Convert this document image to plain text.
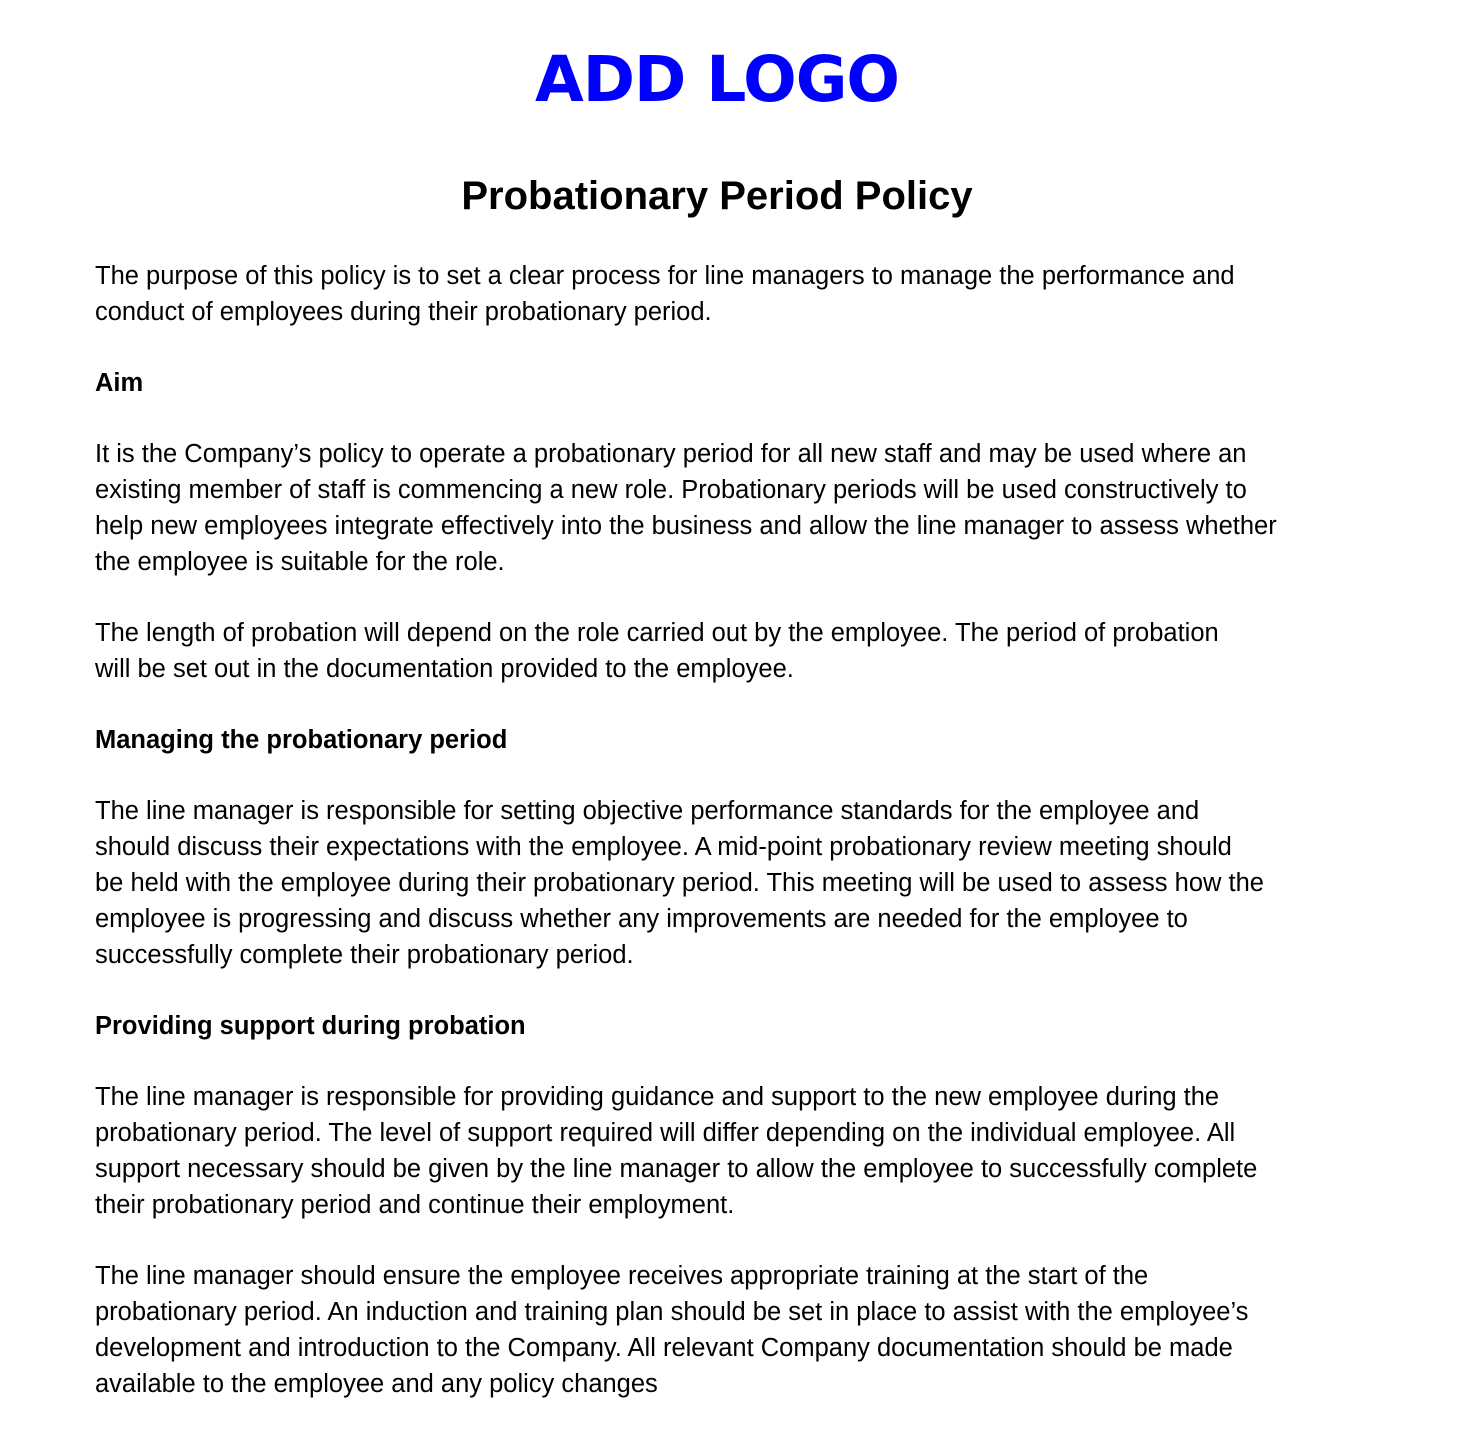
ADD LOGO
Probationary Period Policy

The purpose of this policy is to set a clear process for line managers to manage the performance and
conduct of employees during their probationary period.

Aim

It is the Company’s policy to operate a probationary period for all new staff and may be used where an
existing member of staff is commencing a new role. Probationary periods will be used constructively to
help new employees integrate effectively into the business and allow the line manager to assess whether
the employee is suitable for the role.

The length of probation will depend on the role carried out by the employee. The period of probation
will be set out in the documentation provided to the employee.

Managing the probationary period

The line manager is responsible for setting objective performance standards for the employee and
should discuss their expectations with the employee. A mid-point probationary review meeting should
be held with the employee during their probationary period. This meeting will be used to assess how the
employee is progressing and discuss whether any improvements are needed for the employee to
successfully complete their probationary period.

Providing support during probation

The line manager is responsible for providing guidance and support to the new employee during the
probationary period. The level of support required will differ depending on the individual employee. All
support necessary should be given by the line manager to allow the employee to successfully complete
their probationary period and continue their employment.

The line manager should ensure the employee receives appropriate training at the start of the
probationary period. An induction and training plan should be set in place to assist with the employee’s
development and introduction to the Company. All relevant Company documentation should be made
available to the employee and any policy changes
